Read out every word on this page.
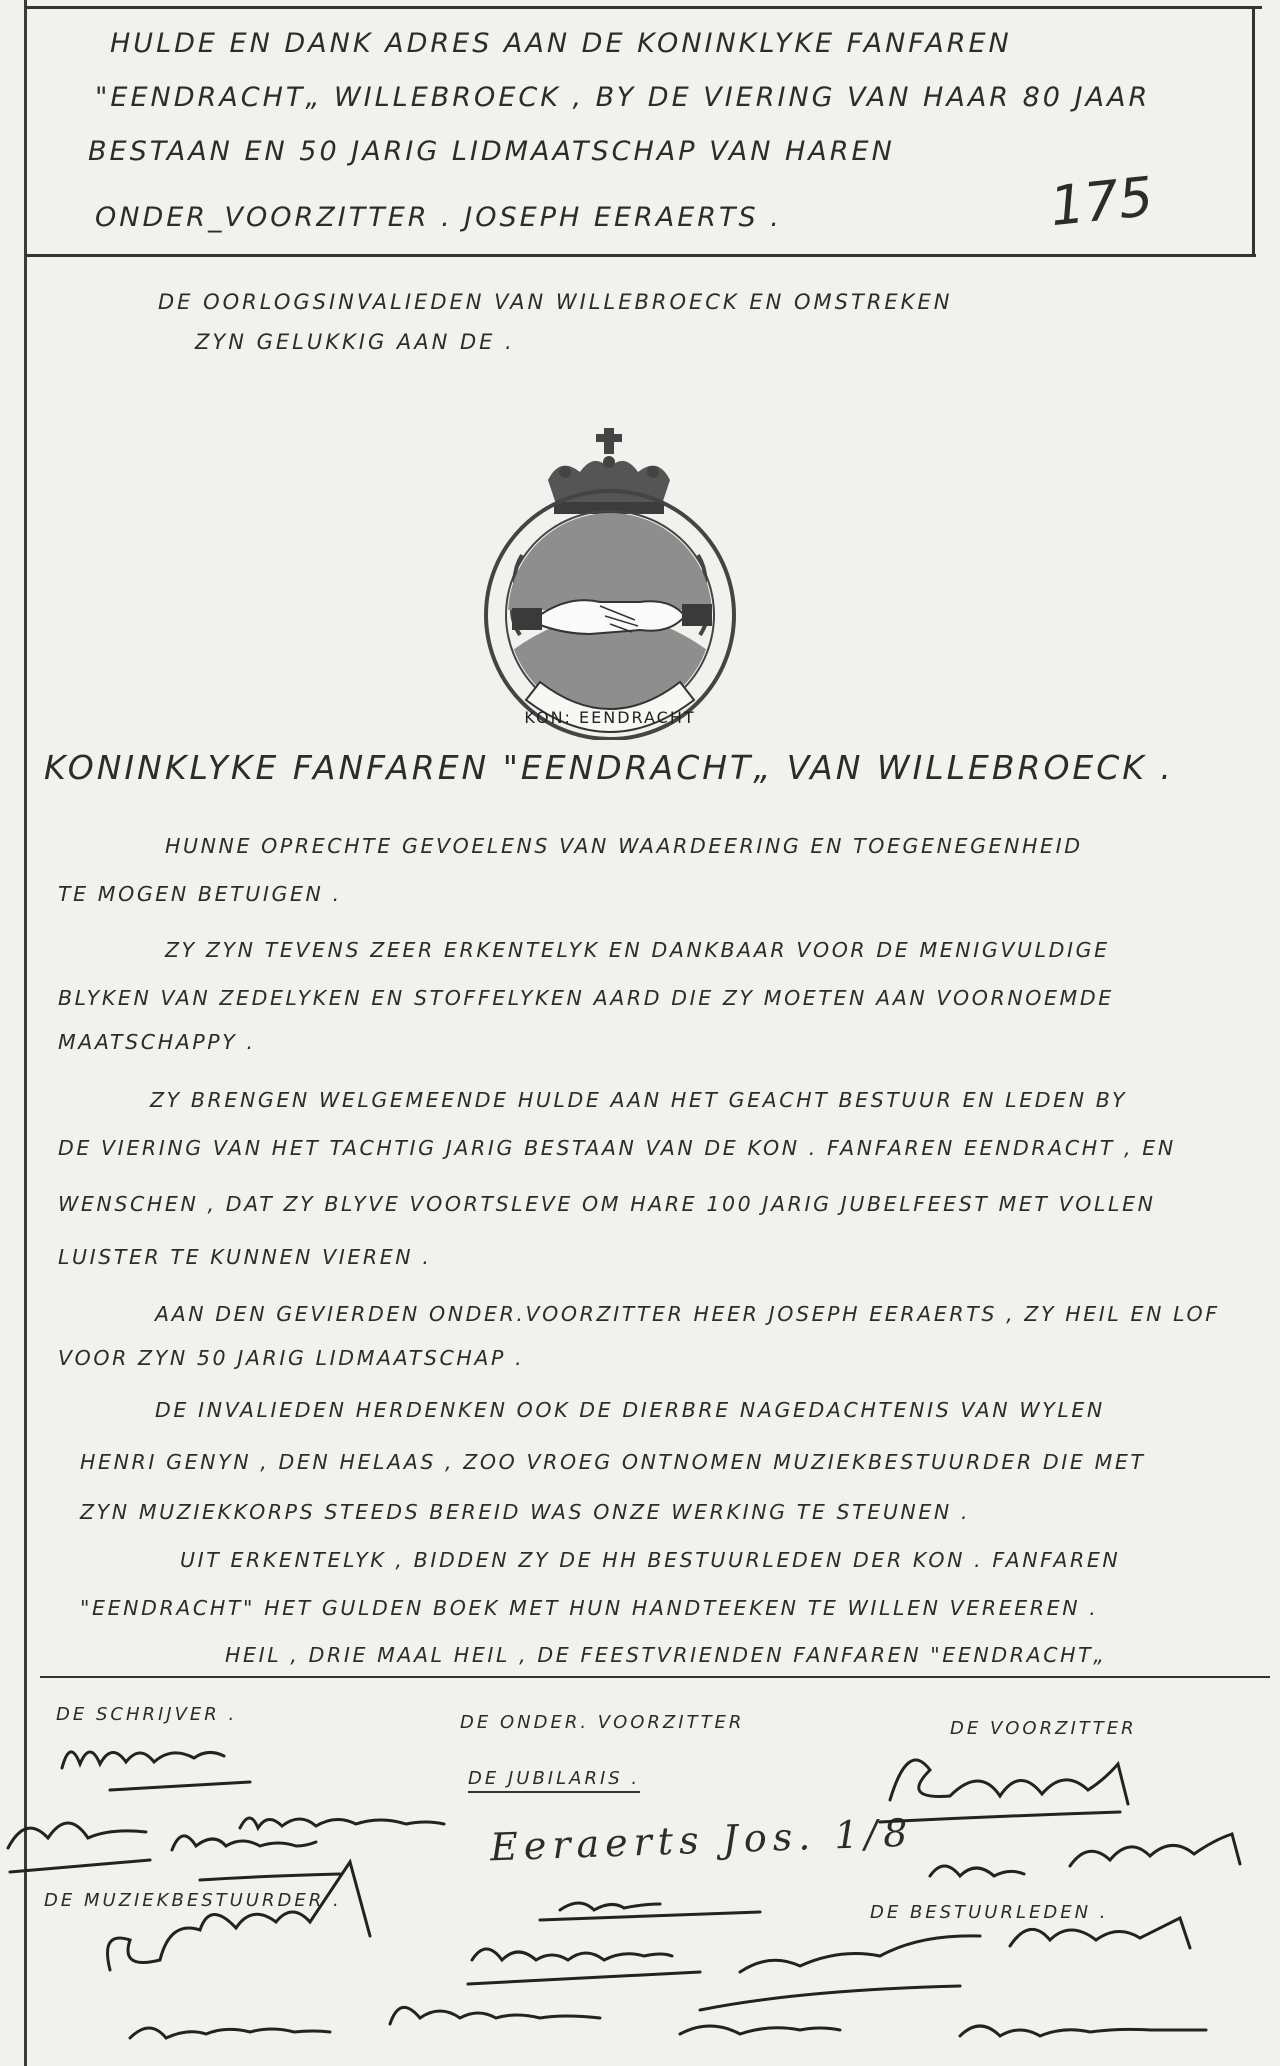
HULDE EN DANK ADRES AAN DE KONINKLYKE FANFAREN
"EENDRACHT„ WILLEBROECK , BY DE VIERING VAN HAAR 80 JAAR
BESTAAN EN 50 JARIG LIDMAATSCHAP VAN HAREN
ONDER_VOORZITTER . JOSEPH EERAERTS .	175
DE OORLOGSINVALIEDEN VAN WILLEBROECK EN OMSTREKEN
ZYN GELUKKIG AAN DE .
KON: EENDRACHT
KONINKLYKE FANFAREN "EENDRACHT„ VAN WILLEBROECK .
HUNNE OPRECHTE GEVOELENS VAN WAARDEERING EN TOEGENEGENHEID
TE MOGEN BETUIGEN .
ZY ZYN TEVENS ZEER ERKENTELYK EN DANKBAAR VOOR DE MENIGVULDIGE
BLYKEN VAN ZEDELYKEN EN STOFFELYKEN AARD DIE ZY MOETEN AAN VOORNOEMDE
MAATSCHAPPY .
ZY BRENGEN WELGEMEENDE HULDE AAN HET GEACHT BESTUUR EN LEDEN BY
DE VIERING VAN HET TACHTIG JARIG BESTAAN VAN DE KON . FANFAREN EENDRACHT , EN
WENSCHEN , DAT ZY BLYVE VOORTSLEVE OM HARE 100 JARIG JUBELFEEST MET VOLLEN
LUISTER TE KUNNEN VIEREN .
AAN DEN GEVIERDEN ONDER.VOORZITTER HEER JOSEPH EERAERTS , ZY HEIL EN LOF
VOOR ZYN 50 JARIG LIDMAATSCHAP .
DE INVALIEDEN HERDENKEN OOK DE DIERBRE NAGEDACHTENIS VAN WYLEN
HENRI GENYN , DEN HELAAS , ZOO VROEG ONTNOMEN MUZIEKBESTUURDER DIE MET
ZYN MUZIEKKORPS STEEDS BEREID WAS ONZE WERKING TE STEUNEN .
UIT ERKENTELYK , BIDDEN ZY DE HH BESTUURLEDEN DER KON . FANFAREN
"EENDRACHT" HET GULDEN BOEK MET HUN HANDTEEKEN TE WILLEN VEREEREN .
HEIL , DRIE MAAL HEIL , DE FEESTVRIENDEN FANFAREN "EENDRACHT„
DE SCHRIJVER .	DE ONDER. VOORZITTER	DE VOORZITTER
DE JUBILARIS .
DE MUZIEKBESTUURDER .
DE BESTUURLEDEN .
Eeraerts Jos. 1/8
